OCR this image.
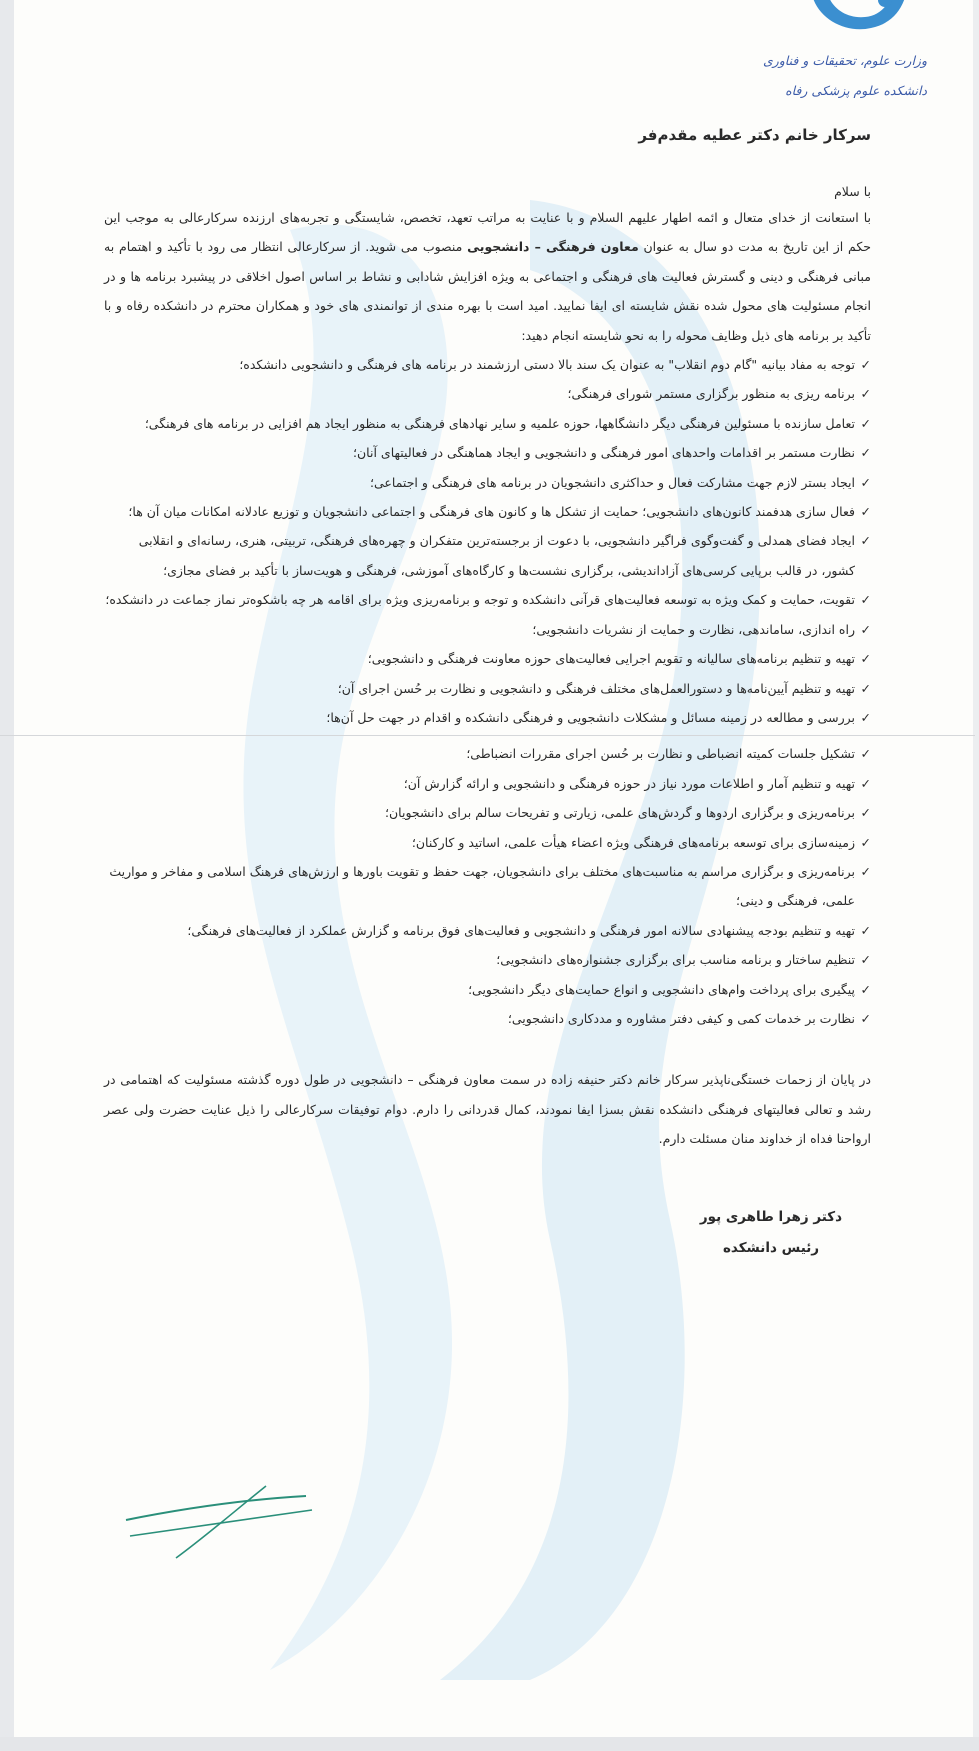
وزارت علوم، تحقیقات و فناوری
دانشکده علوم پزشکی رفاه
سرکار خانم دکتر عطیه مقدم‌فر
با سلام

با استعانت از خدای متعال و ائمه اطهار علیهم السلام و با عنایت به مراتب تعهد، تخصص، شایستگی و تجربه‌های ارزنده سرکارعالی به موجب این حکم از این تاریخ به مدت دو سال به عنوان معاون فرهنگی – دانشجویی منصوب می شوید. از سرکارعالی انتظار می رود با تأکید و اهتمام به مبانی فرهنگی و دینی و گسترش فعالیت های فرهنگی و اجتماعی به ویژه افزایش شادابی و نشاط بر اساس اصول اخلاقی در پیشبرد برنامه ها و در انجام مسئولیت های محول شده نقش شایسته ای ایفا نمایید. امید است با بهره مندی از توانمندی های خود و همکاران محترم در دانشکده رفاه و با تأکید بر برنامه های ذیل وظایف محوله را به نحو شایسته انجام دهید:

✓
توجه به مفاد بیانیه "گام دوم انقلاب" به عنوان یک سند بالا دستی ارزشمند در برنامه های فرهنگی و دانشجویی دانشکده؛
✓
برنامه ریزی به منظور برگزاری مستمر شورای فرهنگی؛
✓
تعامل سازنده با مسئولین فرهنگی دیگر دانشگاهها، حوزه علمیه و سایر نهادهای فرهنگی به منظور ایجاد هم افزایی در برنامه های فرهنگی؛
✓
نظارت مستمر بر اقدامات واحدهای امور فرهنگی و دانشجویی و ایجاد هماهنگی در فعالیتهای آنان؛
✓
ایجاد بستر لازم جهت مشارکت فعال و حداکثری دانشجویان در برنامه های فرهنگی و اجتماعی؛
✓
فعال سازی هدفمند کانون‌های دانشجویی؛ حمایت از تشکل ها و کانون های فرهنگی و اجتماعی دانشجویان و توزیع عادلانه امکانات میان آن ها؛
✓
ایجاد فضای همدلی و گفت‌وگوی فراگیر دانشجویی، با دعوت از برجسته‌ترین متفکران و چهره‌های فرهنگی، تربیتی، هنری، رسانه‌ای و انقلابی کشور، در قالب برپایی کرسی‌های آزاداندیشی، برگزاری نشست‌ها و کارگاه‌های آموزشی، فرهنگی و هویت‌ساز با تأکید بر فضای مجازی؛
✓
تقویت، حمایت و کمک ویژه به توسعه فعالیت‌های قرآنی دانشکده و توجه و برنامه‌ریزی ویژه برای اقامه هر چه باشکوه‌تر نماز جماعت در دانشکده؛
✓
راه اندازی، ساماندهی، نظارت و حمایت از نشریات دانشجویی؛
✓
تهیه و تنظیم برنامه‌های سالیانه و تقویم اجرایی فعالیت‌های حوزه معاونت فرهنگی و دانشجویی؛
✓
تهیه و تنظیم آیین‌نامه‌ها و دستورالعمل‌های مختلف فرهنگی و دانشجویی و نظارت بر حُسن اجرای آن؛
✓
بررسی و مطالعه در زمینه مسائل و مشکلات دانشجویی و فرهنگی دانشکده و اقدام در جهت حل آن‌ها؛
✓
تشکیل جلسات کمیته انضباطی و نظارت بر حُسن اجرای مقررات انضباطی؛
✓
تهیه و تنظیم آمار و اطلاعات مورد نیاز در حوزه فرهنگی و دانشجویی و ارائه گزارش آن؛
✓
برنامه‌ریزی و برگزاری اردوها و گردش‌های علمی، زیارتی و تفریحات سالم برای دانشجویان؛
✓
زمینه‌سازی برای توسعه برنامه‌های فرهنگی ویژه اعضاء هیأت علمی، اساتید و کارکنان؛
✓
برنامه‌ریزی و برگزاری مراسم به مناسبت‌های مختلف برای دانشجویان، جهت حفظ و تقویت باورها و ارزش‌های فرهنگ اسلامی و مفاخر و مواریث علمی، فرهنگی و دینی؛
✓
تهیه و تنظیم بودجه پیشنهادی سالانه امور فرهنگی و دانشجویی و فعالیت‌های فوق برنامه و گزارش عملکرد از فعالیت‌های فرهنگی؛
✓
تنظیم ساختار و برنامه مناسب برای برگزاری جشنواره‌های دانشجویی؛
✓
پیگیری برای پرداخت وام‌های دانشجویی و انواع حمایت‌های دیگر دانشجویی؛
✓
نظارت بر خدمات کمی و کیفی دفتر مشاوره و مددکاری دانشجویی؛
در پایان از زحمات خستگی‌ناپذیر سرکار خانم دکتر حنیفه زاده در سمت معاون فرهنگی – دانشجویی در طول دوره گذشته مسئولیت که اهتمامی در رشد و تعالی فعالیتهای فرهنگی دانشکده نقش بسزا ایفا نمودند، کمال قدردانی را دارم. دوام توفیقات سرکارعالی را ذیل عنایت حضرت ولی عصر ارواحنا فداه از خداوند منان مسئلت دارم.
دکتر زهرا طاهری پور
رئیس دانشکده
